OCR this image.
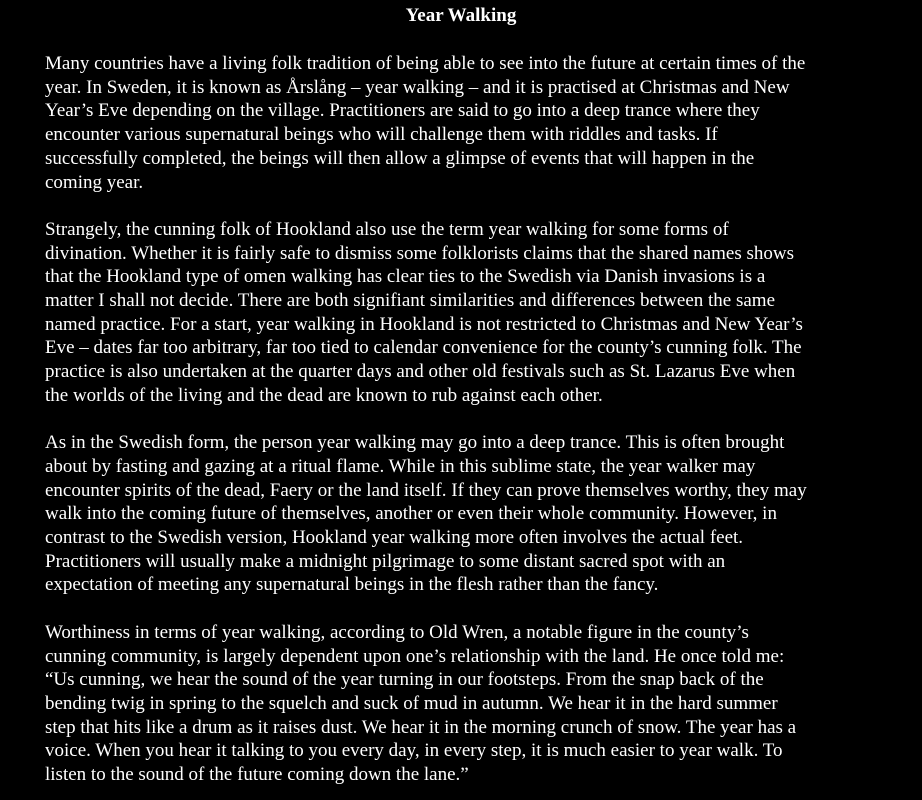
Year Walking

Many countries have a living folk tradition of being able to see into the future at certain times of the
year. In Sweden, it is known as Årslång – year walking – and it is practised at Christmas and New
Year’s Eve depending on the village. Practitioners are said to go into a deep trance where they
encounter various supernatural beings who will challenge them with riddles and tasks. If
successfully completed, the beings will then allow a glimpse of events that will happen in the
coming year.

Strangely, the cunning folk of Hookland also use the term year walking for some forms of
divination. Whether it is fairly safe to dismiss some folklorists claims that the shared names shows
that the Hookland type of omen walking has clear ties to the Swedish via Danish invasions is a
matter I shall not decide. There are both signifiant similarities and differences between the same
named practice. For a start, year walking in Hookland is not restricted to Christmas and New Year’s
Eve – dates far too arbitrary, far too tied to calendar convenience for the county’s cunning folk. The
practice is also undertaken at the quarter days and other old festivals such as St. Lazarus Eve when
the worlds of the living and the dead are known to rub against each other.

As in the Swedish form, the person year walking may go into a deep trance. This is often brought
about by fasting and gazing at a ritual flame. While in this sublime state, the year walker may
encounter spirits of the dead, Faery or the land itself. If they can prove themselves worthy, they may
walk into the coming future of themselves, another or even their whole community. However, in
contrast to the Swedish version, Hookland year walking more often involves the actual feet.
Practitioners will usually make a midnight pilgrimage to some distant sacred spot with an
expectation of meeting any supernatural beings in the flesh rather than the fancy.

Worthiness in terms of year walking, according to Old Wren, a notable figure in the county’s
cunning community, is largely dependent upon one’s relationship with the land. He once told me:
“Us cunning, we hear the sound of the year turning in our footsteps. From the snap back of the
bending twig in spring to the squelch and suck of mud in autumn. We hear it in the hard summer
step that hits like a drum as it raises dust. We hear it in the morning crunch of snow. The year has a
voice. When you hear it talking to you every day, in every step, it is much easier to year walk. To
listen to the sound of the future coming down the lane.”
